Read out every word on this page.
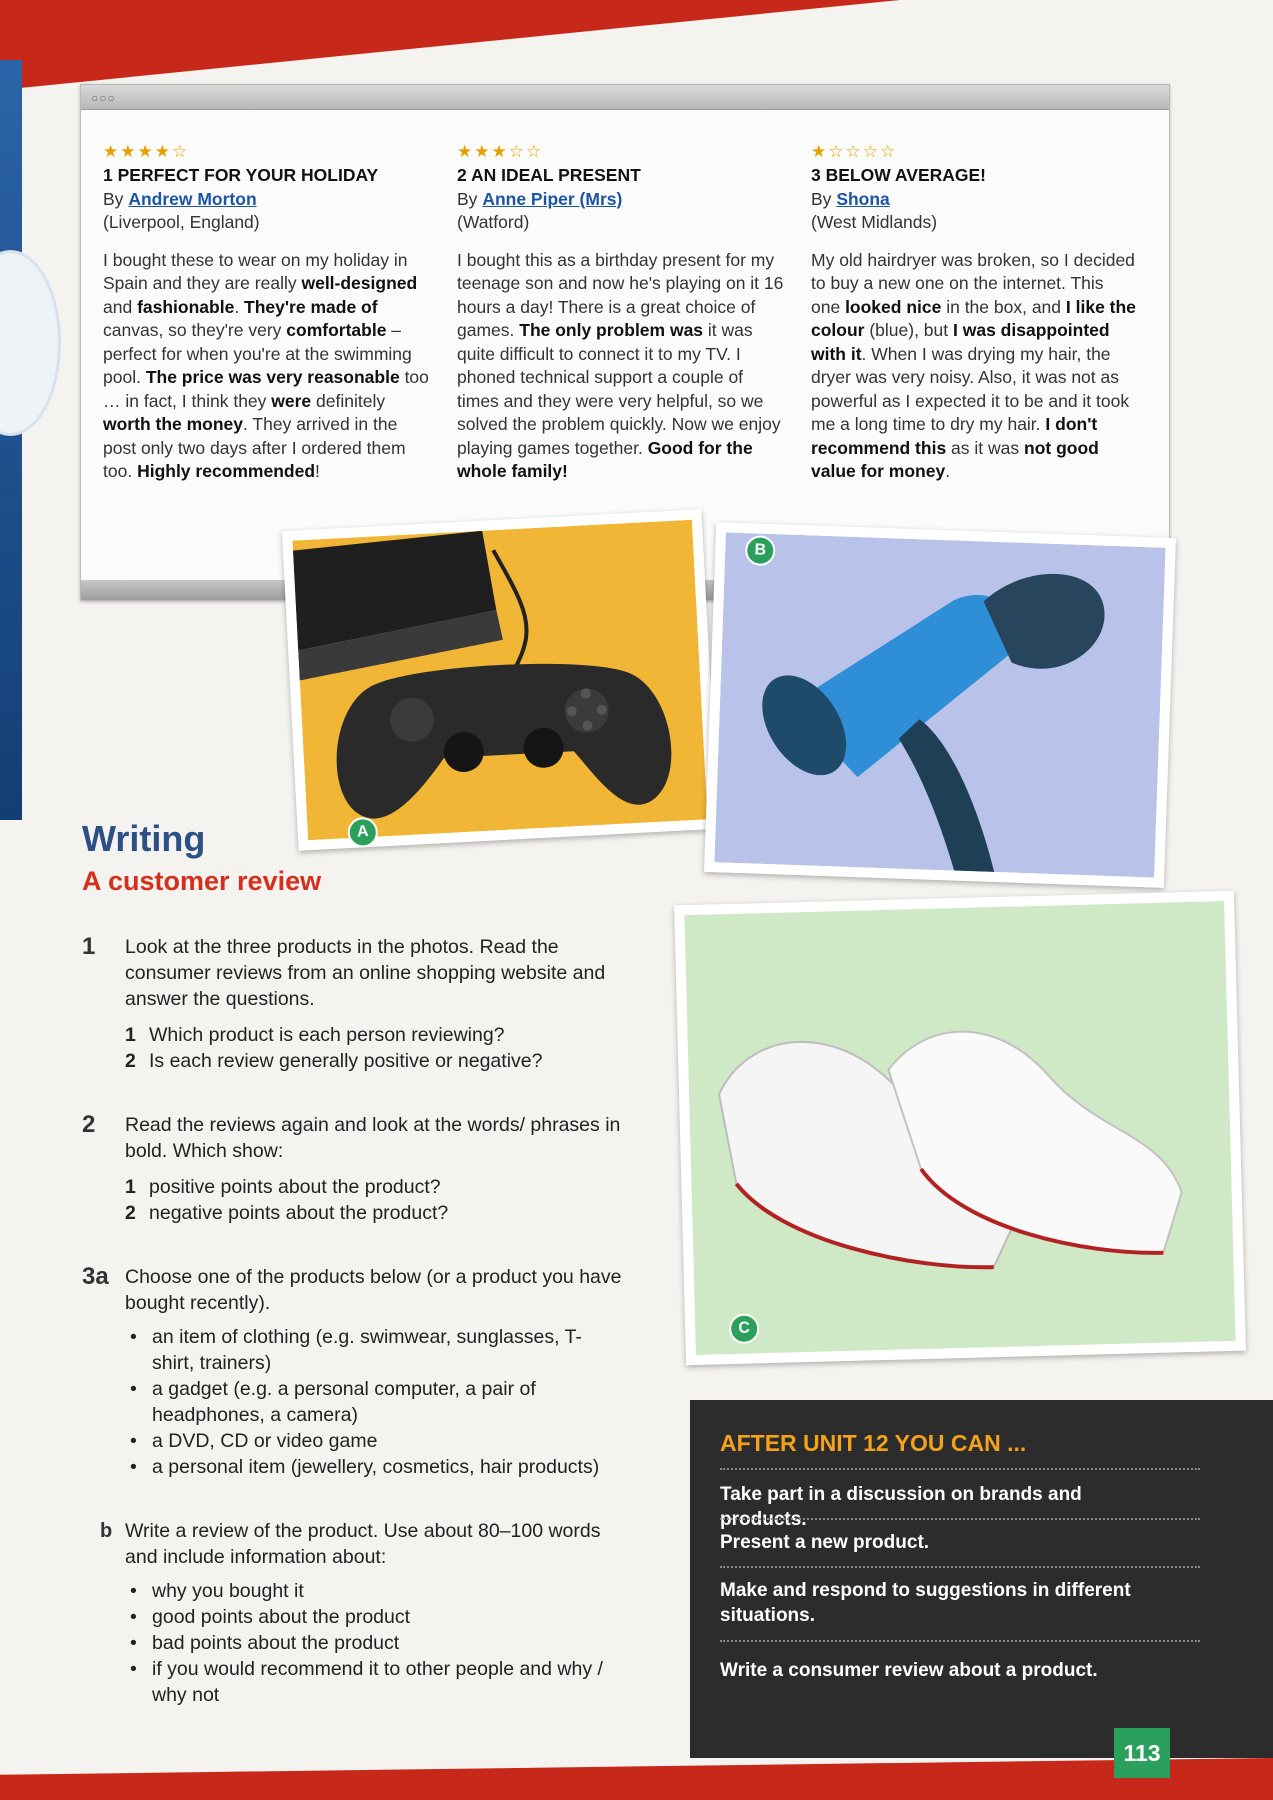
○○○
★★★★☆
1 PERFECT FOR YOUR HOLIDAY
By Andrew Morton
(Liverpool, England)

I bought these to wear on my holiday in Spain and they are really well-designed and fashionable. They're made of canvas, so they're very comfortable – perfect for when you're at the swimming pool. The price was very reasonable too … in fact, I think they were definitely worth the money. They arrived in the post only two days after I ordered them too. Highly recommended!

★★★☆☆
2 AN IDEAL PRESENT
By Anne Piper (Mrs)
(Watford)

I bought this as a birthday present for my teenage son and now he's playing on it 16 hours a day! There is a great choice of games. The only problem was it was quite difficult to connect it to my TV. I phoned technical support a couple of times and they were very helpful, so we solved the problem quickly. Now we enjoy playing games together. Good for the whole family!

★☆☆☆☆
3 BELOW AVERAGE!
By Shona
(West Midlands)

My old hairdryer was broken, so I decided to buy a new one on the internet. This one looked nice in the box, and I like the colour (blue), but I was disappointed with it. When I was drying my hair, the dryer was very noisy. Also, it was not as powerful as I expected it to be and it took me a long time to dry my hair. I don't recommend this as it was not good value for money.

A
B
C
Writing
A customer review
1 Look at the three products in the photos. Read the consumer reviews from an online shopping website and answer the questions.
1 Which product is each person reviewing?
2 Is each review generally positive or negative?
2 Read the reviews again and look at the words/ phrases in bold. Which show:
1 positive points about the product?
2 negative points about the product?
3a Choose one of the products below (or a product you have bought recently).
• an item of clothing (e.g. swimwear, sunglasses, T-shirt, trainers)
• a gadget (e.g. a personal computer, a pair of headphones, a camera)
• a DVD, CD or video game
• a personal item (jewellery, cosmetics, hair products)
b Write a review of the product. Use about 80–100 words and include information about:
• why you bought it
• good points about the product
• bad points about the product
• if you would recommend it to other people and why / why not
AFTER UNIT 12 YOU CAN ...
Take part in a discussion on brands and products.
Present a new product.
Make and respond to suggestions in different situations.
Write a consumer review about a product.
113
